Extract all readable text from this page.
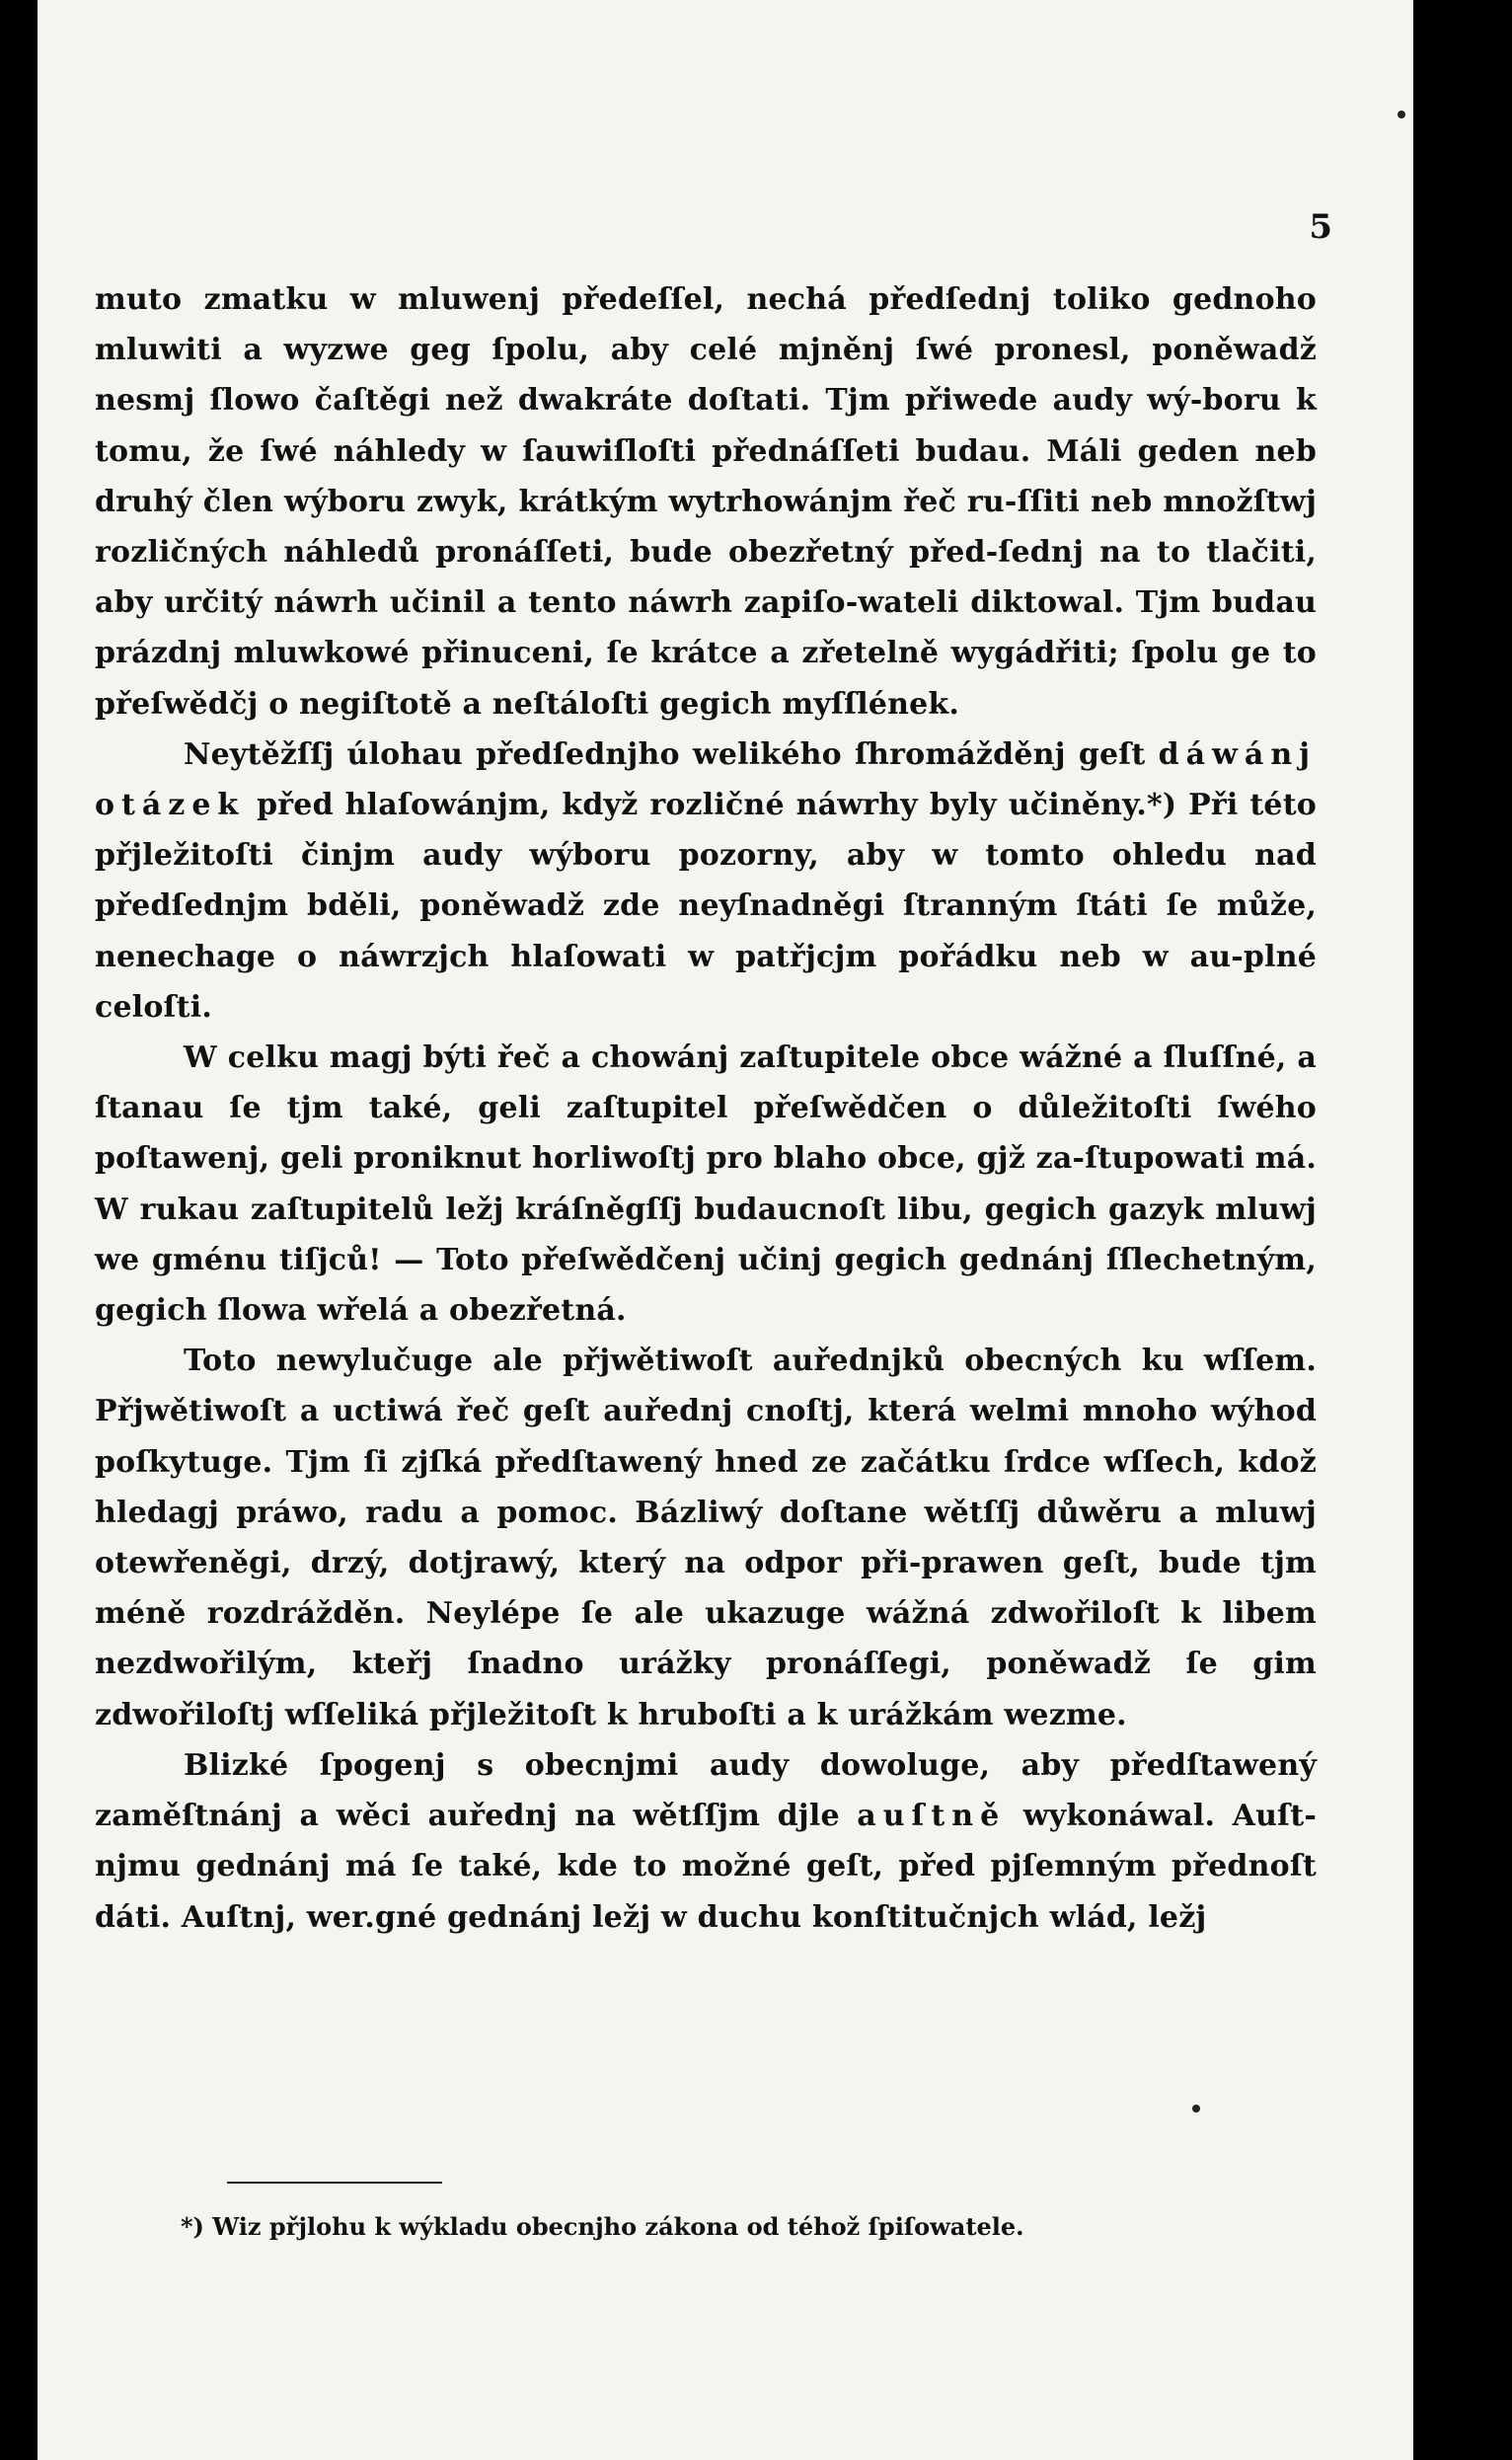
5

muto zmatku w mluwenj předeſſel, nechá předſednj toliko gednoho mluwiti a wyzwe geg ſpolu, aby celé mjněnj ſwé pronesl, poněwadž nesmj ſlowo čaſtěgi než dwakráte doſtati. Tjm přiwede audy wý-boru k tomu, že ſwé náhledy w ſauwiſloſti přednáſſeti budau. Máli geden neb druhý člen wýboru zwyk, krátkým wytrhowánjm řeč ru-ſſiti neb množſtwj rozličných náhledů pronáſſeti, bude obezřetný před-ſednj na to tlačiti, aby určitý náwrh učinil a tento náwrh zapiſo-wateli diktowal. Tjm budau prázdnj mluwkowé přinuceni, ſe krátce a zřetelně wygádřiti; ſpolu ge to přeſwědčj o negiſtotě a neſtáloſti gegich myſſlének.

Neytěžſſj úlohau předſednjho welikého ſhromážděnj geſt dáwánj otázek před hlaſowánjm, když rozličné náwrhy byly učiněny.*) Při této přjležitoſti činjm audy wýboru pozorny, aby w tomto ohledu nad předſednjm bděli, poněwadž zde neyſnadněgi ſtranným ſtáti ſe může, nenechage o náwrzjch hlaſowati w patřjcjm pořádku neb w au-plné celoſti.

W celku magj býti řeč a chowánj zaſtupitele obce wážné a ſluſſné, a ſtanau ſe tjm také, geli zaſtupitel přeſwědčen o důležitoſti ſwého poſtawenj, geli proniknut horliwoſtj pro blaho obce, gjž za-ſtupowati má. W rukau zaſtupitelů ležj kráſněgſſj budaucnoſt libu, gegich gazyk mluwj we gménu tiſjců! — Toto přeſwědčenj učinj gegich gednánj ſſlechetným, gegich ſlowa wřelá a obezřetná.

Toto newylučuge ale přjwětiwoſt auřednjků obecných ku wſſem. Přjwětiwoſt a uctiwá řeč geſt auřednj cnoſtj, která welmi mnoho wýhod poſkytuge. Tjm ſi zjſká předſtawený hned ze začátku ſrdce wſſech, kdož hledagj práwo, radu a pomoc. Bázliwý doſtane wětſſj důwěru a mluwj otewřeněgi, drzý, dotjrawý, který na odpor při-prawen geſt, bude tjm méně rozdrážděn. Neylépe ſe ale ukazuge wážná zdwořiloſt k libem nezdwořilým, kteřj ſnadno urážky pronáſſegi, poněwadž ſe gim zdwořiloſtj wſſeliká přjležitoſt k hruboſti a k urážkám wezme.

Blizké ſpogenj s obecnjmi audy dowoluge, aby předſtawený zaměſtnánj a wěci auřednj na wětſſjm djle auſtně wykonáwal. Auſt-njmu gednánj má ſe také, kde to možné geſt, před pjſemným přednoſt dáti. Auſtnj, wer.gné gednánj ležj w duchu konſtitučnjch wlád, ležj

*) Wiz přjlohu k wýkladu obecnjho zákona od téhož ſpiſowatele.
